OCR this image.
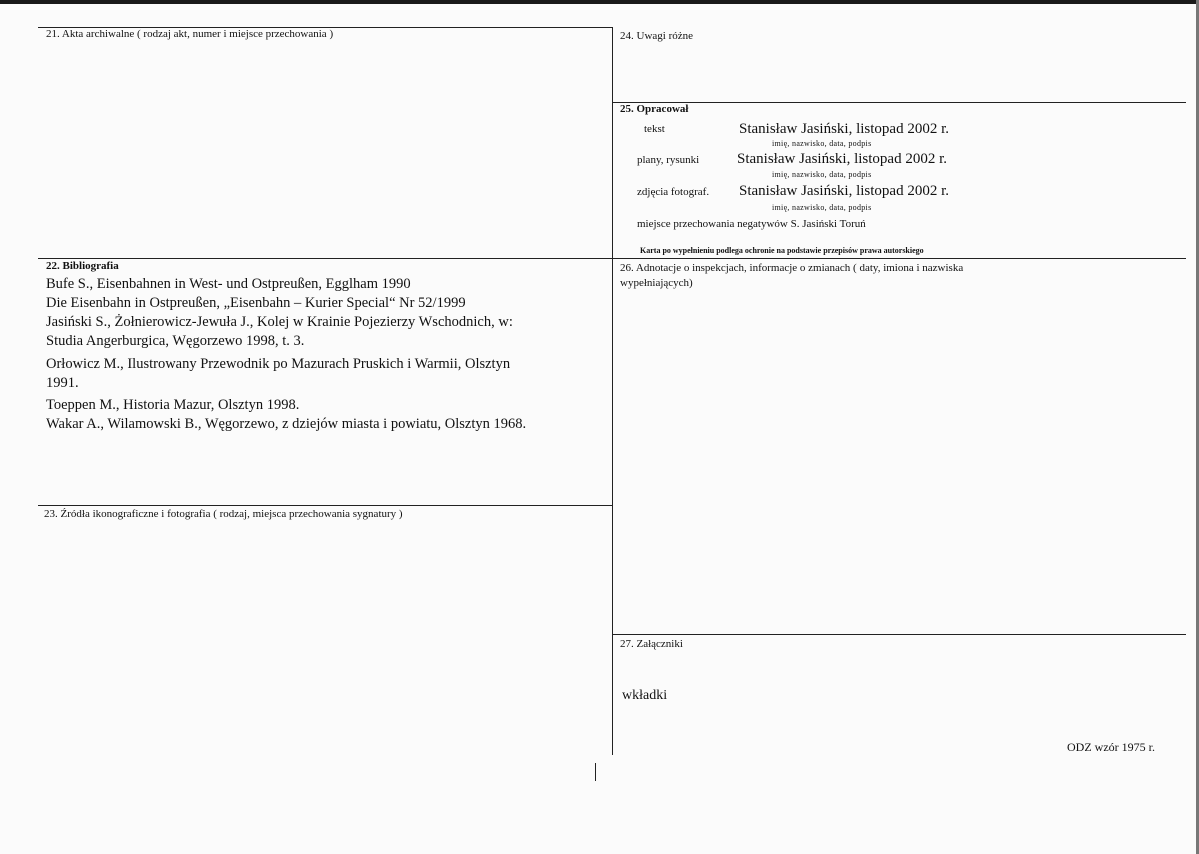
21. Akta archiwalne ( rodzaj akt, numer i miejsce przechowania )	24. Uwagi różne
25. Opracował
tekst	Stanisław Jasiński, listopad 2002 r.
imię, nazwisko, data, podpis
plany, rysunki	Stanisław Jasiński, listopad 2002 r.
imię, nazwisko, data, podpis
zdjęcia fotograf. Stanisław Jasiński, listopad 2002 r.
imię, nazwisko, data, podpis
miejsce przechowania negatywów S. Jasiński Toruń
Karta po wypełnieniu podlega ochronie na podstawie przepisów prawa autorskiego
22. Bibliografia
Bufe S., Eisenbahnen in West- und Ostpreußen, Egglham 1990
Die Eisenbahn in Ostpreußen, „Eisenbahn – Kurier Special“ Nr 52/1999
Jasiński S., Żołnierowicz-Jewuła J., Kolej w Krainie Pojezierzy Wschodnich, w:
Studia Angerburgica, Węgorzewo 1998, t. 3.
Orłowicz M., Ilustrowany Przewodnik po Mazurach Pruskich i Warmii, Olsztyn
1991.
Toeppen M., Historia Mazur, Olsztyn 1998.
Wakar A., Wilamowski B., Węgorzewo, z dziejów miasta i powiatu, Olsztyn 1968.
26. Adnotacje o inspekcjach, informacje o zmianach ( daty, imiona i nazwiska
wypełniających)
23. Źródła ikonograficzne i fotografia ( rodzaj, miejsca przechowania sygnatury )
27. Załączniki
wkładki
ODZ wzór 1975 r.
